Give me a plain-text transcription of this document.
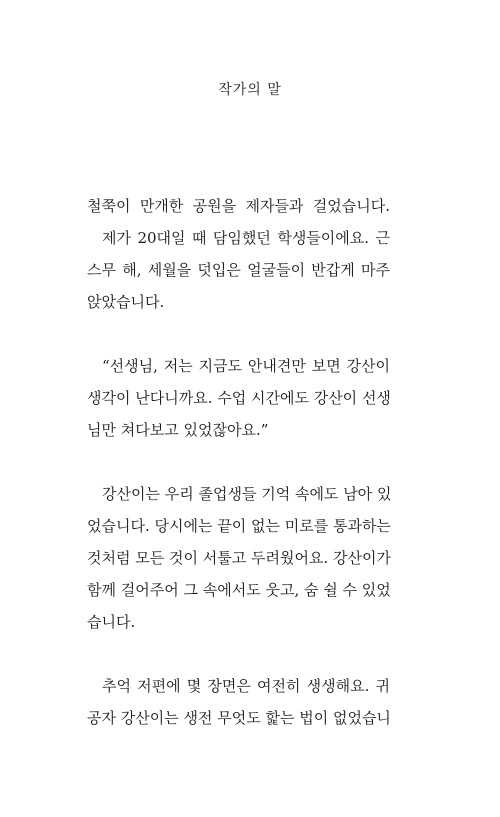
작가의 말
철쭉이 만개한 공원을 제자들과 걸었습니다.
제가 20대일 때 담임했던 학생들이에요. 근
스무 해, 세월을 덧입은 얼굴들이 반갑게 마주
앉았습니다.
“선생님, 저는 지금도 안내견만 보면 강산이
생각이 난다니까요. 수업 시간에도 강산이 선생
님만 쳐다보고 있었잖아요.”
강산이는 우리 졸업생들 기억 속에도 남아 있
었습니다. 당시에는 끝이 없는 미로를 통과하는
것처럼 모든 것이 서툴고 두려웠어요. 강산이가
함께 걸어주어 그 속에서도 웃고, 숨 쉴 수 있었
습니다.
추억 저편에 몇 장면은 여전히 생생해요. 귀
공자 강산이는 생전 무엇도 핥는 법이 없었습니
